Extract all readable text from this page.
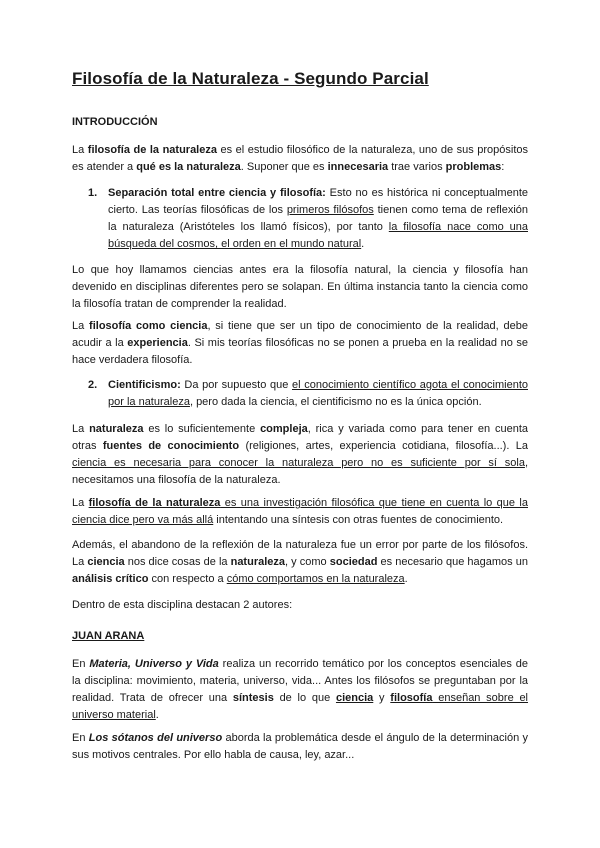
Filosofía de la Naturaleza - Segundo Parcial
INTRODUCCIÓN

La filosofía de la naturaleza es el estudio filosófico de la naturaleza, uno de sus propósitos es atender a qué es la naturaleza. Suponer que es innecesaria trae varios problemas:

1. Separación total entre ciencia y filosofía: Esto no es histórica ni conceptualmente cierto. Las teorías filosóficas de los primeros filósofos tienen como tema de reflexión la naturaleza (Aristóteles los llamó físicos), por tanto la filosofía nace como una búsqueda del cosmos, el orden en el mundo natural.

Lo que hoy llamamos ciencias antes era la filosofía natural, la ciencia y filosofía han devenido en disciplinas diferentes pero se solapan. En última instancia tanto la ciencia como la filosofía tratan de comprender la realidad.

La filosofía como ciencia, si tiene que ser un tipo de conocimiento de la realidad, debe acudir a la experiencia. Si mis teorías filosóficas no se ponen a prueba en la realidad no se hace verdadera filosofía.

2. Cientificismo: Da por supuesto que el conocimiento científico agota el conocimiento por la naturaleza, pero dada la ciencia, el cientificismo no es la única opción.

La naturaleza es lo suficientemente compleja, rica y variada como para tener en cuenta otras fuentes de conocimiento (religiones, artes, experiencia cotidiana, filosofía...). La ciencia es necesaria para conocer la naturaleza pero no es suficiente por sí sola, necesitamos una filosofía de la naturaleza.

La filosofía de la naturaleza es una investigación filosófica que tiene en cuenta lo que la ciencia dice pero va más allá intentando una síntesis con otras fuentes de conocimiento.

Además, el abandono de la reflexión de la naturaleza fue un error por parte de los filósofos. La ciencia nos dice cosas de la naturaleza, y como sociedad es necesario que hagamos un análisis crítico con respecto a cómo comportamos en la naturaleza.

Dentro de esta disciplina destacan 2 autores:

JUAN ARANA

En Materia, Universo y Vida realiza un recorrido temático por los conceptos esenciales de la disciplina: movimiento, materia, universo, vida... Antes los filósofos se preguntaban por la realidad. Trata de ofrecer una síntesis de lo que ciencia y filosofía enseñan sobre el universo material.

En Los sótanos del universo aborda la problemática desde el ángulo de la determinación y sus motivos centrales. Por ello habla de causa, ley, azar...
